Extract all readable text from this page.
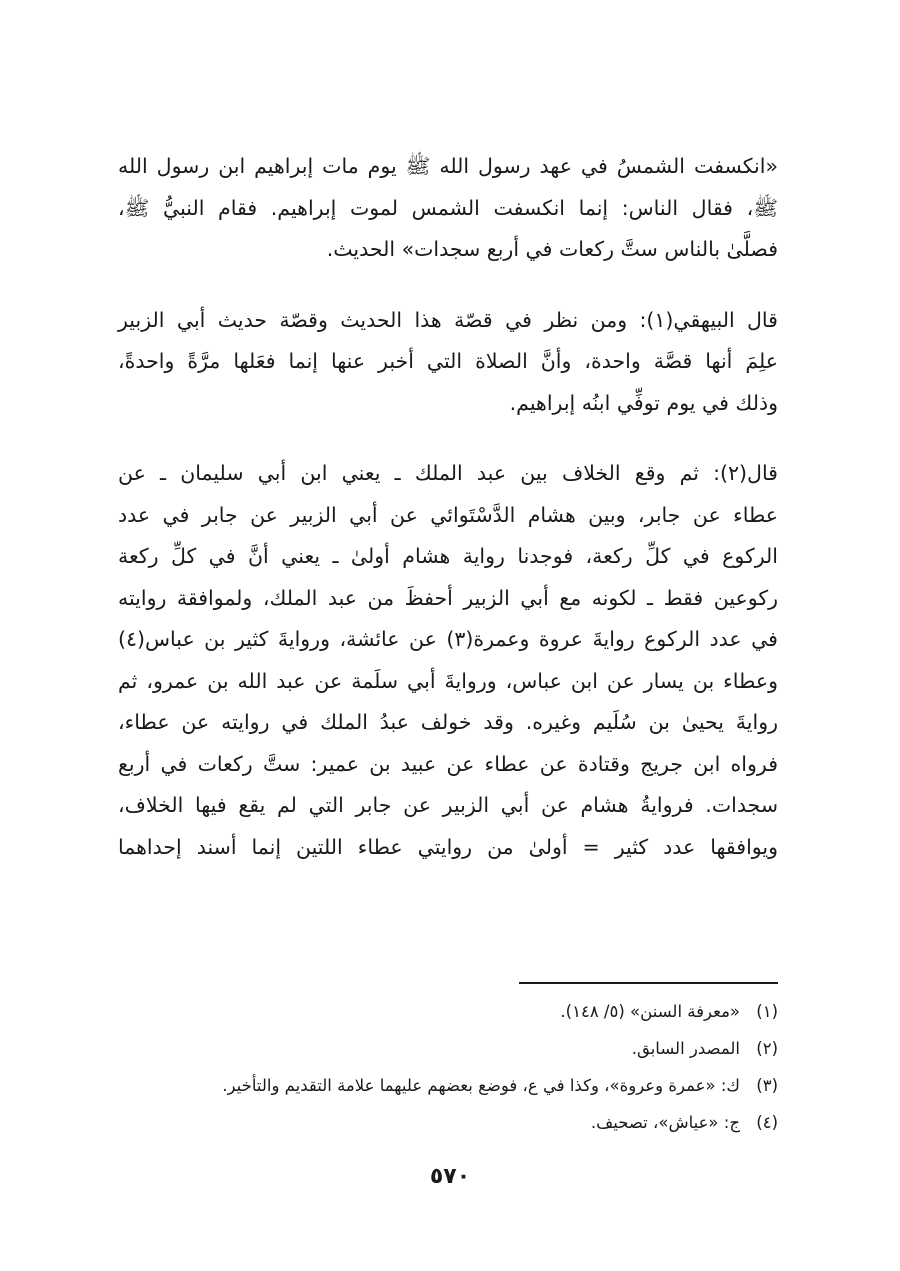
«انكسفت الشمسُ في عهد رسول الله ﷺ يوم مات إبراهيم ابن رسول الله
ﷺ، فقال الناس: إنما انكسفت الشمس لموت إبراهيم. فقام النبيُّ ﷺ،
فصلَّىٰ بالناس ستَّ ركعات في أربع سجدات» الحديث.
قال البيهقي(١): ومن نظر في قصّة هذا الحديث وقصّة حديث أبي الزبير
علِمَ أنها قصَّة واحدة، وأنَّ الصلاة التي أخبر عنها إنما فعَلها مرَّةً واحدةً،
وذلك في يوم توفِّي ابنُه إبراهيم.
قال(٢): ثم وقع الخلاف بين عبد الملك ـ يعني ابن أبي سليمان ـ عن
عطاء عن جابر، وبين هشام الدَّسْتَوائي عن أبي الزبير عن جابر في عدد
الركوع في كلِّ ركعة، فوجدنا رواية هشام أولىٰ ـ يعني أنَّ في كلِّ ركعة
ركوعين فقط ـ لكونه مع أبي الزبير أحفظَ من عبد الملك، ولموافقة روايته
في عدد الركوع روايةَ عروة وعمرة(٣) عن عائشة، وروايةَ كثير بن عباس(٤)
وعطاء بن يسار عن ابن عباس، وروايةَ أبي سلَمة عن عبد الله بن عمرو، ثم
روايةَ يحيىٰ بن سُلَيم وغيره. وقد خولف عبدُ الملك في روايته عن عطاء،
فرواه ابن جريج وقتادة عن عطاء عن عبيد بن عمير: ستَّ ركعات في أربع
سجدات. فروايةُ هشام عن أبي الزبير عن جابر التي لم يقع فيها الخلاف،
ويوافقها عدد كثير = أولىٰ من روايتي عطاء اللتين إنما أسند إحداهما
(١)«معرفة السنن» (٥/ ١٤٨).
(٢)المصدر السابق.
(٣)ك: «عمرة وعروة»، وكذا في ع، فوضع بعضهم عليهما علامة التقديم والتأخير.
(٤)ج: «عياش»، تصحيف.
٥٧٠
